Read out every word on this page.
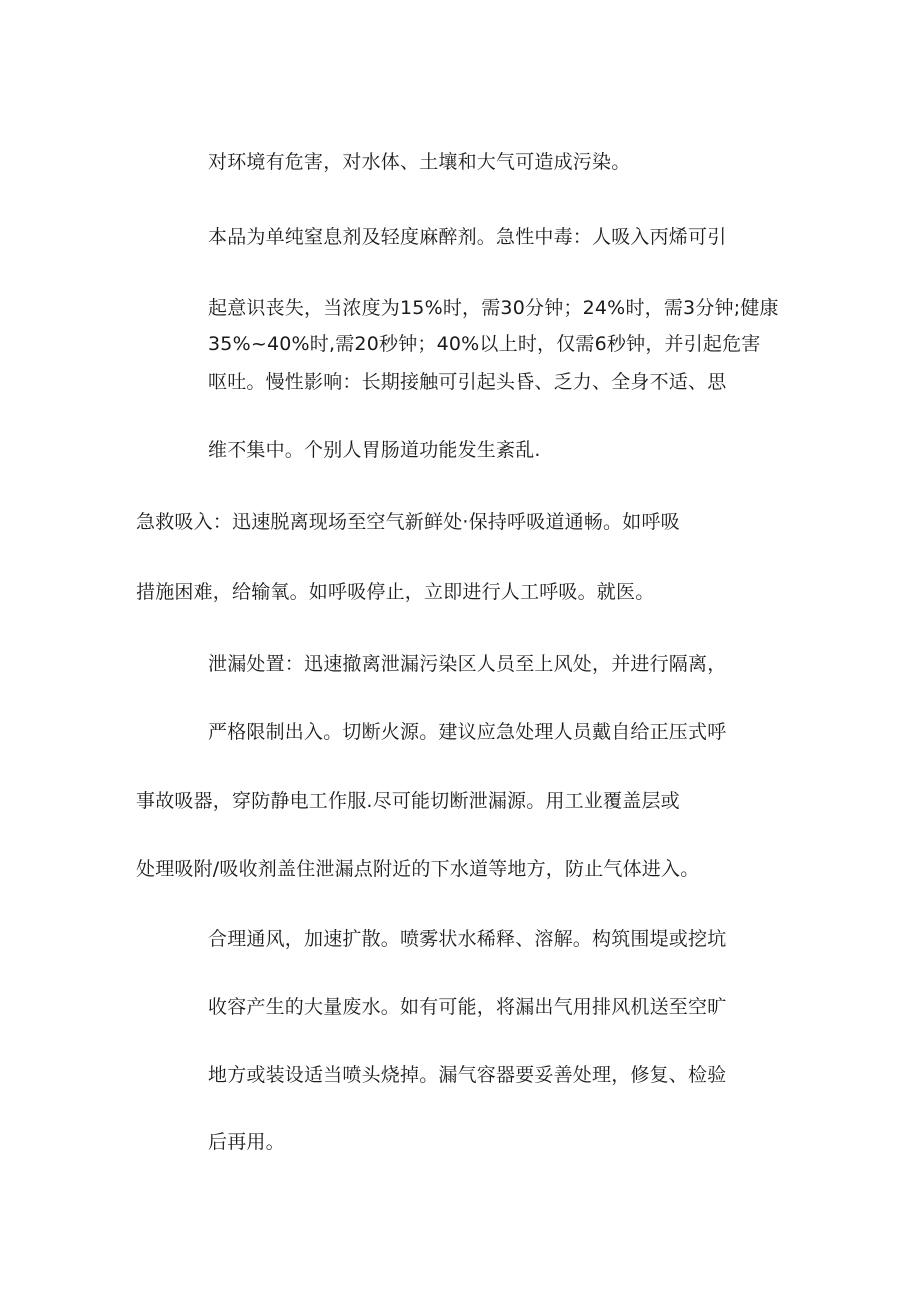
对环境有危害，对水体、土壤和大气可造成污染。
本品为单纯窒息剂及轻度麻醉剂。急性中毒：人吸入丙烯可引
起意识丧失，当浓度为15%时，需30分钟；24%时，需3分钟;健康
35%~40%时,需20秒钟；40%以上时，仅需6秒钟，并引起危害
呕吐。慢性影响：长期接触可引起头昏、乏力、全身不适、思
维不集中。个别人胃肠道功能发生紊乱.
急救吸入：迅速脱离现场至空气新鲜处·保持呼吸道通畅。如呼吸
措施困难，给输氧。如呼吸停止，立即进行人工呼吸。就医。
泄漏处置：迅速撤离泄漏污染区人员至上风处，并进行隔离，
严格限制出入。切断火源。建议应急处理人员戴自给正压式呼
事故吸器，穿防静电工作服.尽可能切断泄漏源。用工业覆盖层或
处理吸附/吸收剂盖住泄漏点附近的下水道等地方，防止气体进入。
合理通风，加速扩散。喷雾状水稀释、溶解。构筑围堤或挖坑
收容产生的大量废水。如有可能，将漏出气用排风机送至空旷
地方或装设适当喷头烧掉。漏气容器要妥善处理，修复、检验
后再用。
